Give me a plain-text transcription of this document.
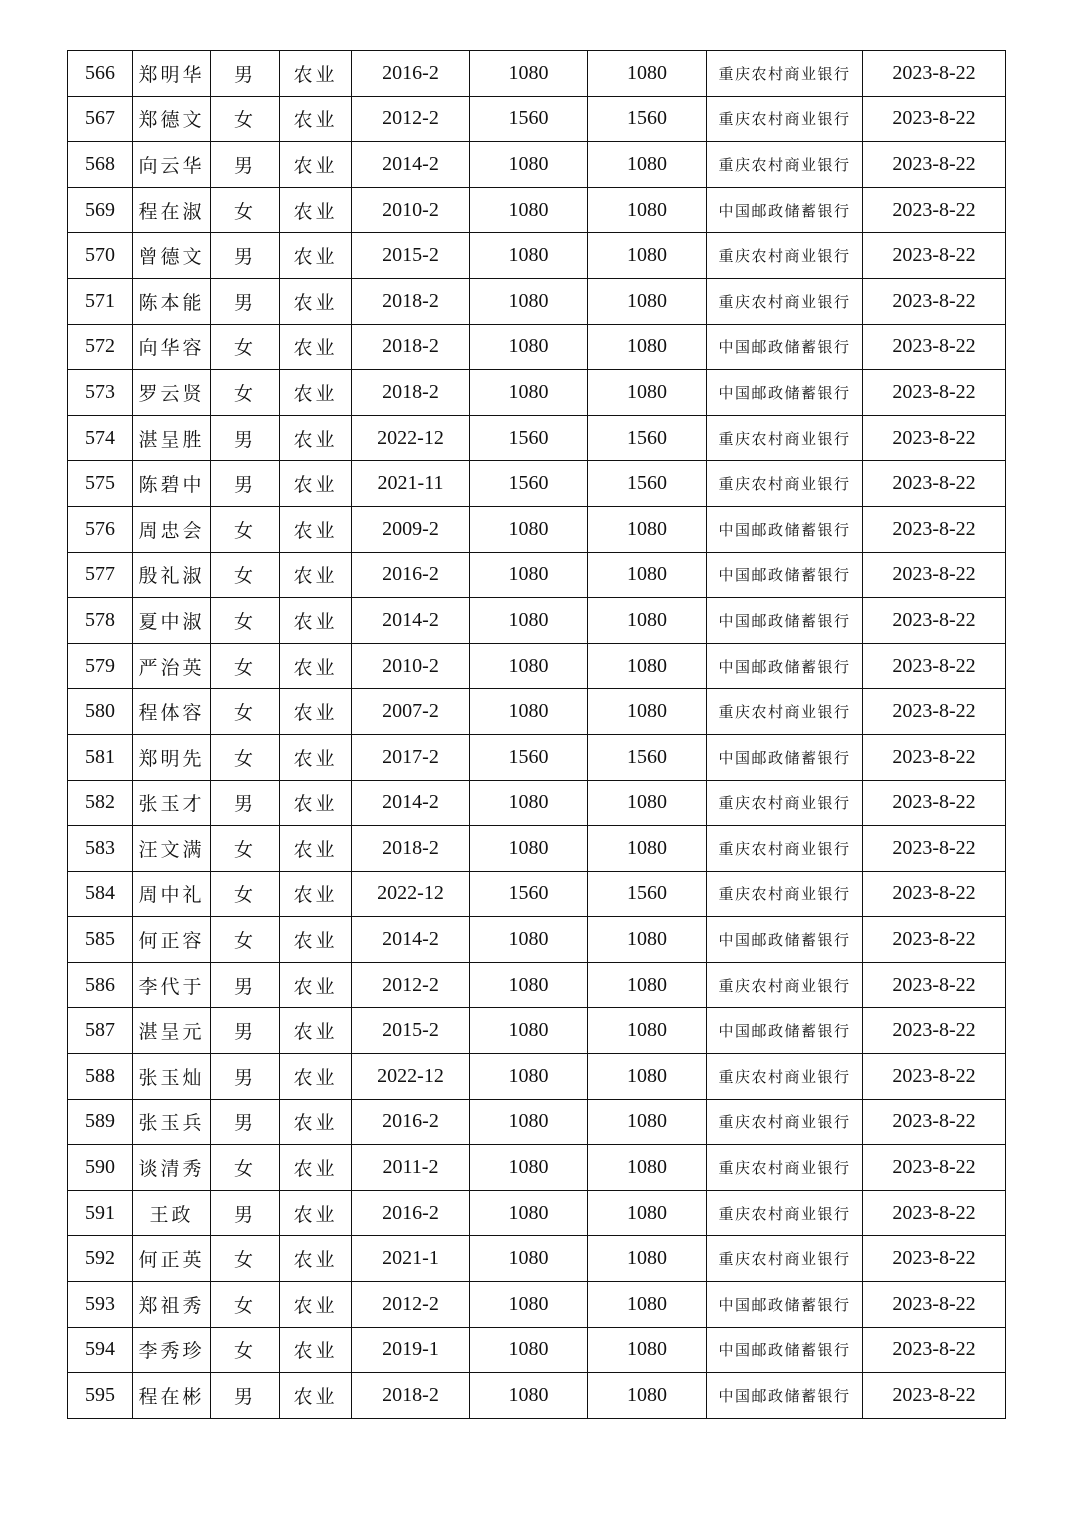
566	郑明华	男	农业	2016-2	1080	1080	重庆农村商业银行	2023-8-22
567	郑德文	女	农业	2012-2	1560	1560	重庆农村商业银行	2023-8-22
568	向云华	男	农业	2014-2	1080	1080	重庆农村商业银行	2023-8-22
569	程在淑	女	农业	2010-2	1080	1080	中国邮政储蓄银行	2023-8-22
570	曾德文	男	农业	2015-2	1080	1080	重庆农村商业银行	2023-8-22
571	陈本能	男	农业	2018-2	1080	1080	重庆农村商业银行	2023-8-22
572	向华容	女	农业	2018-2	1080	1080	中国邮政储蓄银行	2023-8-22
573	罗云贤	女	农业	2018-2	1080	1080	中国邮政储蓄银行	2023-8-22
574	湛呈胜	男	农业	2022-12	1560	1560	重庆农村商业银行	2023-8-22
575	陈碧中	男	农业	2021-11	1560	1560	重庆农村商业银行	2023-8-22
576	周忠会	女	农业	2009-2	1080	1080	中国邮政储蓄银行	2023-8-22
577	殷礼淑	女	农业	2016-2	1080	1080	中国邮政储蓄银行	2023-8-22
578	夏中淑	女	农业	2014-2	1080	1080	中国邮政储蓄银行	2023-8-22
579	严治英	女	农业	2010-2	1080	1080	中国邮政储蓄银行	2023-8-22
580	程体容	女	农业	2007-2	1080	1080	重庆农村商业银行	2023-8-22
581	郑明先	女	农业	2017-2	1560	1560	中国邮政储蓄银行	2023-8-22
582	张玉才	男	农业	2014-2	1080	1080	重庆农村商业银行	2023-8-22
583	汪文满	女	农业	2018-2	1080	1080	重庆农村商业银行	2023-8-22
584	周中礼	女	农业	2022-12	1560	1560	重庆农村商业银行	2023-8-22
585	何正容	女	农业	2014-2	1080	1080	中国邮政储蓄银行	2023-8-22
586	李代于	男	农业	2012-2	1080	1080	重庆农村商业银行	2023-8-22
587	湛呈元	男	农业	2015-2	1080	1080	中国邮政储蓄银行	2023-8-22
588	张玉灿	男	农业	2022-12	1080	1080	重庆农村商业银行	2023-8-22
589	张玉兵	男	农业	2016-2	1080	1080	重庆农村商业银行	2023-8-22
590	谈清秀	女	农业	2011-2	1080	1080	重庆农村商业银行	2023-8-22
591	王政	男	农业	2016-2	1080	1080	重庆农村商业银行	2023-8-22
592	何正英	女	农业	2021-1	1080	1080	重庆农村商业银行	2023-8-22
593	郑祖秀	女	农业	2012-2	1080	1080	中国邮政储蓄银行	2023-8-22
594	李秀珍	女	农业	2019-1	1080	1080	中国邮政储蓄银行	2023-8-22
595	程在彬	男	农业	2018-2	1080	1080	中国邮政储蓄银行	2023-8-22
